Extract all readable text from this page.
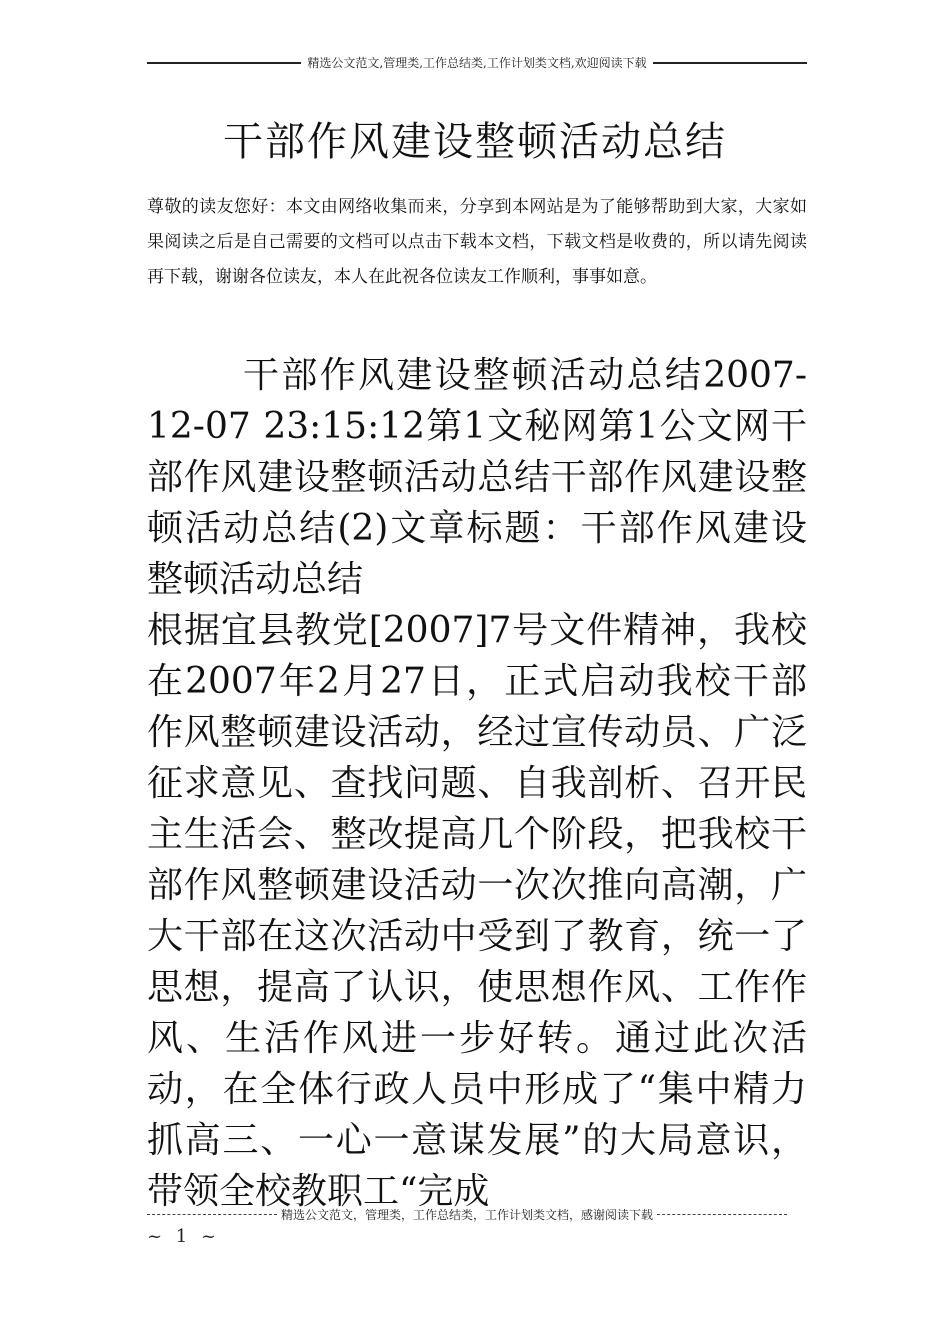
精选公文范文,管理类,工作总结类,工作计划类文档,欢迎阅读下载
干部作风建设整顿活动总结
尊敬的读友您好：本文由网络收集而来，分享到本网站是为了能够帮助到大家，大家如果阅读之后是自己需要的文档可以点击下载本文档，下载文档是收费的，所以请先阅读再下载，谢谢各位读友，本人在此祝各位读友工作顺利，事事如意。

干部作风建设整顿活动总结2007-12-07 23:15:12第1文秘网第1公文网干部作风建设整顿活动总结干部作风建设整顿活动总结(2)文章标题：干部作风建设整顿活动总结

根据宜县教党[2007]7号文件精神，我校在2007年2月27日，正式启动我校干部作风整顿建设活动，经过宣传动员、广泛征求意见、查找问题、自我剖析、召开民主生活会、整改提高几个阶段，把我校干部作风整顿建设活动一次次推向高潮，广大干部在这次活动中受到了教育，统一了思想，提高了认识，使思想作风、工作作风、生活作风进一步好转。通过此次活动，在全体行政人员中形成了“集中精力抓高三、一心一意谋发展”的大局意识，带领全校教职工“完成

精选公文范文，管理类，工作总结类，工作计划类文档，感谢阅读下载
~ 1 ~
